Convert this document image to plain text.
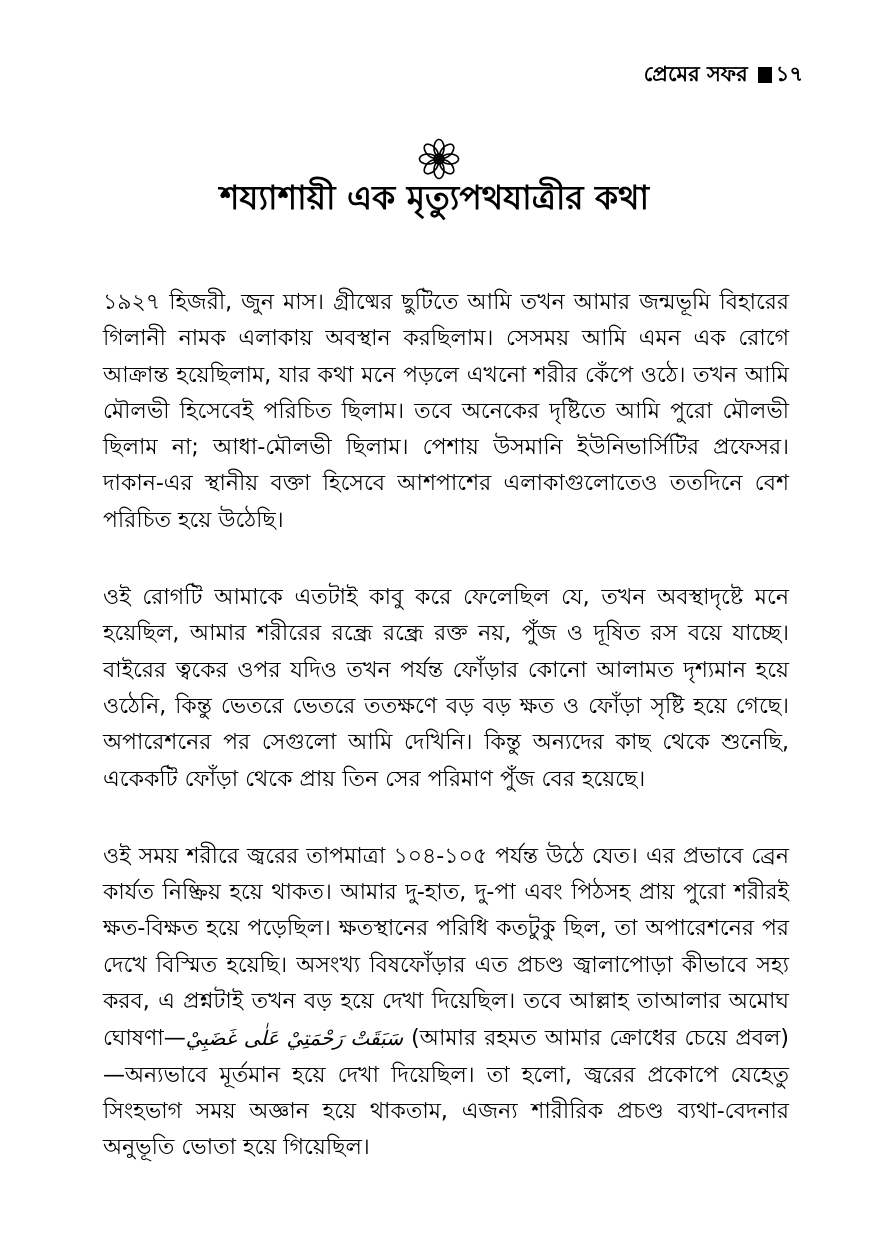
প্রেমের সফর ১৭
শয্যাশায়ী এক মৃত্যুপথযাত্রীর কথা

১৯২৭ হিজরী, জুন মাস। গ্রীষ্মের ছুটিতে আমি তখন আমার জন্মভূমি বিহারের গিলানী নামক এলাকায় অবস্থান করছিলাম। সেসময় আমি এমন এক রোগে আক্রান্ত হয়েছিলাম, যার কথা মনে পড়লে এখনো শরীর কেঁপে ওঠে। তখন আমি মৌলভী হিসেবেই পরিচিত ছিলাম। তবে অনেকের দৃষ্টিতে আমি পুরো মৌলভী ছিলাম না; আধা-মৌলভী ছিলাম। পেশায় উসমানি ইউনিভার্সিটির প্রফেসর। দাকান-এর স্থানীয় বক্তা হিসেবে আশপাশের এলাকাগুলোতেও ততদিনে বেশ পরিচিত হয়ে উঠেছি।

ওই রোগটি আমাকে এতটাই কাবু করে ফেলেছিল যে, তখন অবস্থাদৃষ্টে মনে হয়েছিল, আমার শরীরের রন্ধ্রে রন্ধ্রে রক্ত নয়, পুঁজ ও দূষিত রস বয়ে যাচ্ছে। বাইরের ত্বকের ওপর যদিও তখন পর্যন্ত ফোঁড়ার কোনো আলামত দৃশ্যমান হয়ে ওঠেনি, কিন্তু ভেতরে ভেতরে ততক্ষণে বড় বড় ক্ষত ও ফোঁড়া সৃষ্টি হয়ে গেছে। অপারেশনের পর সেগুলো আমি দেখিনি। কিন্তু অন্যদের কাছ থেকে শুনেছি, একেকটি ফোঁড়া থেকে প্রায় তিন সের পরিমাণ পুঁজ বের হয়েছে।

ওই সময় শরীরে জ্বরের তাপমাত্রা ১০৪-১০৫ পর্যন্ত উঠে যেত। এর প্রভাবে ব্রেন কার্যত নিষ্ক্রিয় হয়ে থাকত। আমার দু-হাত, দু-পা এবং পিঠসহ প্রায় পুরো শরীরই ক্ষত-বিক্ষত হয়ে পড়েছিল। ক্ষতস্থানের পরিধি কতটুকু ছিল, তা অপারেশনের পর দেখে বিস্মিত হয়েছি। অসংখ্য বিষফোঁড়ার এত প্রচণ্ড জ্বালাপোড়া কীভাবে সহ্য করব, এ প্রশ্নটাই তখন বড় হয়ে দেখা দিয়েছিল। তবে আল্লাহ তাআলার অমোঘ ঘোষণা—سَبَقَتْ رَحْمَتِيْ عَلٰى غَضَبِيْ (আমার রহমত আমার ক্রোধের চেয়ে প্রবল)—অন্যভাবে মূর্তমান হয়ে দেখা দিয়েছিল। তা হলো, জ্বরের প্রকোপে যেহেতু সিংহভাগ সময় অজ্ঞান হয়ে থাকতাম, এজন্য শারীরিক প্রচণ্ড ব্যথা-বেদনার অনুভূতি ভোতা হয়ে গিয়েছিল।
